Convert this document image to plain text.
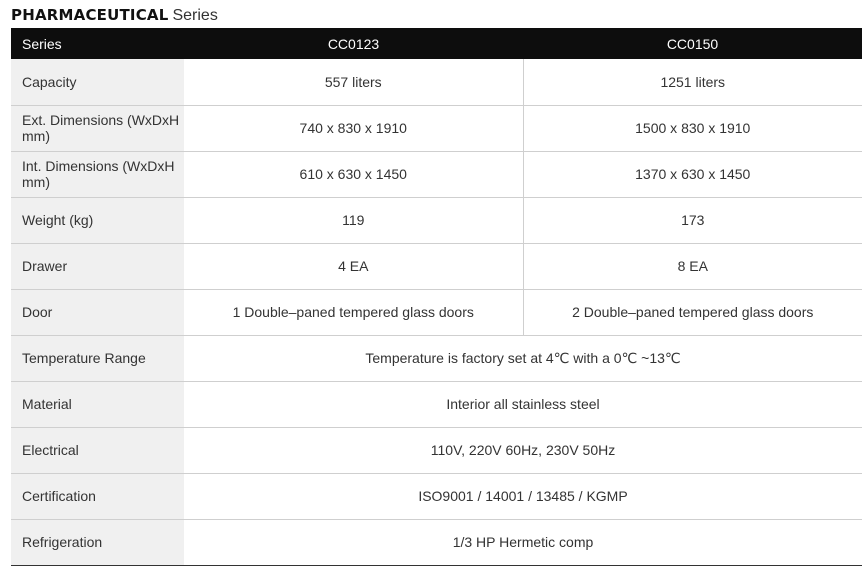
PHARMACEUTICAL Series
Series	CC0123	CC0150
Capacity	557 liters	1251 liters
Ext. Dimensions (WxDxH mm)	740 x 830 x 1910	1500 x 830 x 1910
Int. Dimensions (WxDxH mm)	610 x 630 x 1450	1370 x 630 x 1450
Weight (kg)	119	173
Drawer	4 EA	8 EA
Door	1 Double–paned tempered glass doors	2 Double–paned tempered glass doors
Temperature Range	Temperature is factory set at 4℃ with a 0℃ ~13℃	
Material	Interior all stainless steel	
Electrical	110V, 220V 60Hz, 230V 50Hz	
Certification	ISO9001 / 14001 / 13485 / KGMP	
Refrigeration	1/3 HP Hermetic comp	
